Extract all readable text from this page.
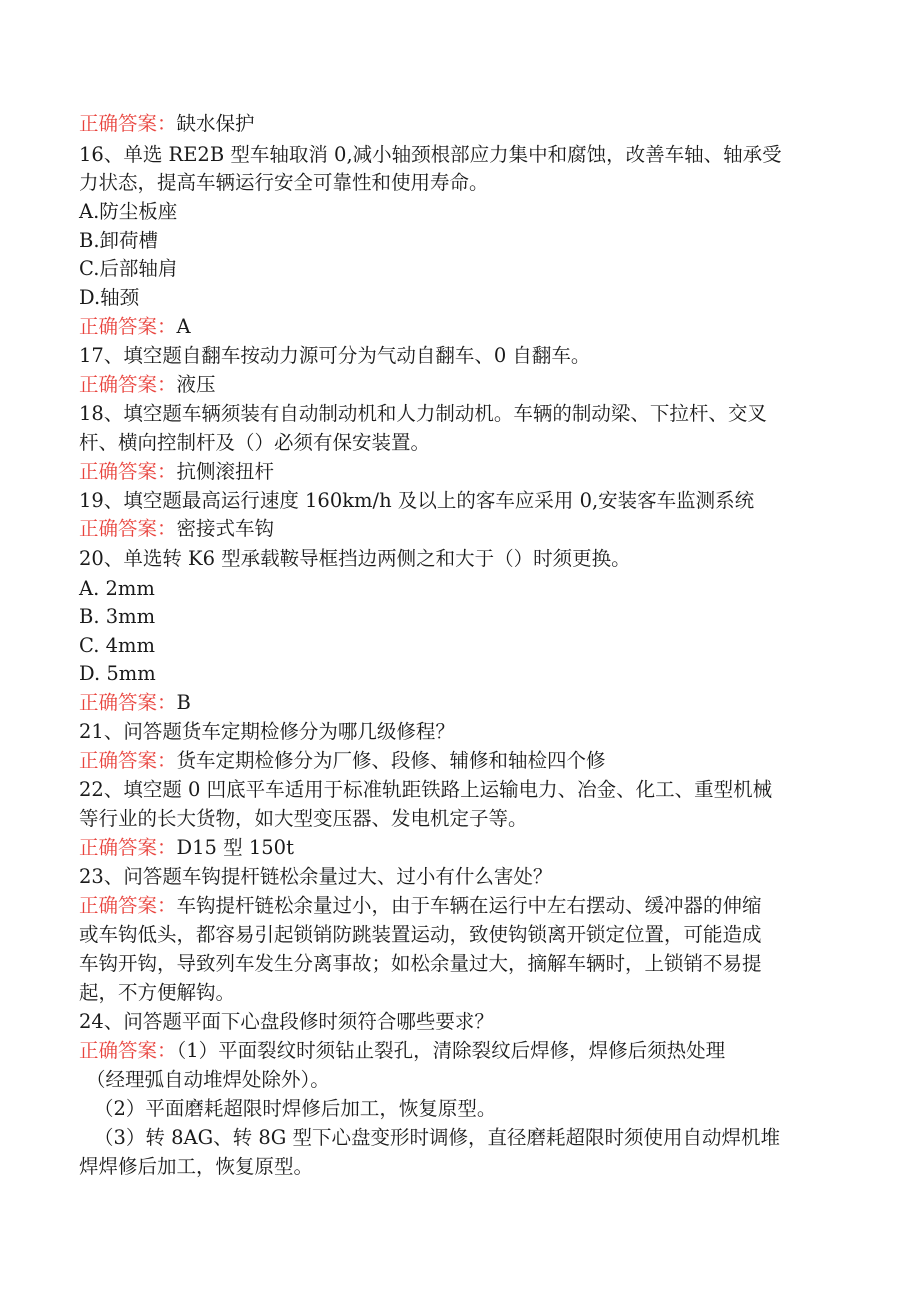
正确答案：缺水保护
16、单选 RE2B 型车轴取消 0,减小轴颈根部应力集中和腐蚀，改善车轴、轴承受
力状态，提高车辆运行安全可靠性和使用寿命。
A.防尘板座
B.卸荷槽
C.后部轴肩
D.轴颈
正确答案：A
17、填空题自翻车按动力源可分为气动自翻车、0 自翻车。
正确答案：液压
18、填空题车辆须装有自动制动机和人力制动机。车辆的制动梁、下拉杆、交叉
杆、横向控制杆及（）必须有保安装置。
正确答案：抗侧滚扭杆
19、填空题最高运行速度 160km/h 及以上的客车应采用 0,安装客车监测系统
正确答案：密接式车钩
20、单选转 K6 型承载鞍导框挡边两侧之和大于（）时须更换。
A. 2mm
B. 3mm
C. 4mm
D. 5mm
正确答案：B
21、问答题货车定期检修分为哪几级修程？
正确答案：货车定期检修分为厂修、段修、辅修和轴检四个修
22、填空题 0 凹底平车适用于标准轨距铁路上运输电力、冶金、化工、重型机械
等行业的长大货物，如大型变压器、发电机定子等。
正确答案：D15 型 150t
23、问答题车钩提杆链松余量过大、过小有什么害处？
正确答案：车钩提杆链松余量过小，由于车辆在运行中左右摆动、缓冲器的伸缩
或车钩低头，都容易引起锁销防跳装置运动，致使钩锁离开锁定位置，可能造成
车钩开钩，导致列车发生分离事故；如松余量过大，摘解车辆时，上锁销不易提
起，不方便解钩。
24、问答题平面下心盘段修时须符合哪些要求？
正确答案：（1）平面裂纹时须钻止裂孔，清除裂纹后焊修，焊修后须热处理
（经理弧自动堆焊处除外）。
（2）平面磨耗超限时焊修后加工，恢复原型。
（3）转 8AG、转 8G 型下心盘变形时调修，直径磨耗超限时须使用自动焊机堆
焊焊修后加工，恢复原型。
